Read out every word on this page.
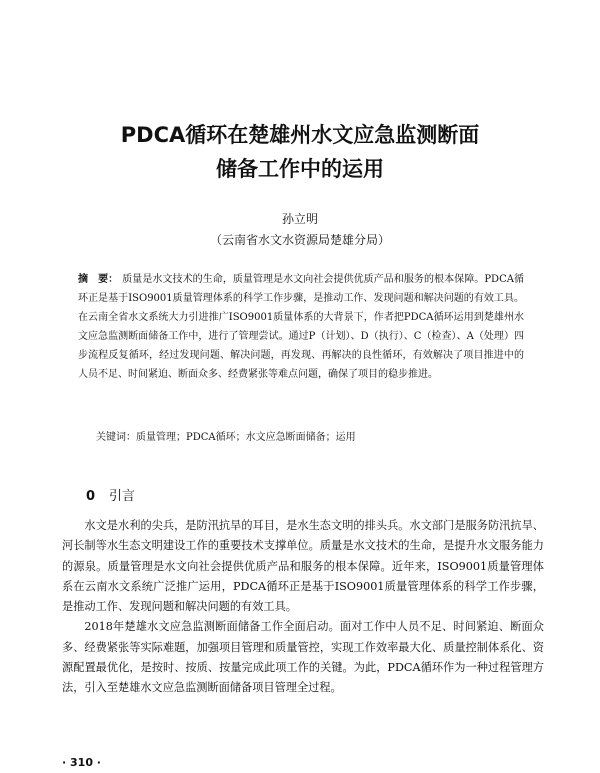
PDCA循环在楚雄州水文应急监测断面
储备工作中的运用
孙立明
（云南省水文水资源局楚雄分局）
摘　要： 质量是水文技术的生命，质量管理是水文向社会提供优质产品和服务的根本保障。PDCA循环正是基于ISO9001质量管理体系的科学工作步骤，是推动工作、发现问题和解决问题的有效工具。在云南全省水文系统大力引进推广ISO9001质量体系的大背景下，作者把PDCA循环运用到楚雄州水文应急监测断面储备工作中，进行了管理尝试。通过P（计划）、D（执行）、C（检查）、A（处理）四步流程反复循环，经过发现问题、解决问题，再发现、再解决的良性循环，有效解决了项目推进中的人员不足、时间紧迫、断面众多、经费紧张等难点问题，确保了项目的稳步推进。
关键词：质量管理；PDCA循环；水文应急断面储备；运用
0 引言

水文是水利的尖兵，是防汛抗旱的耳目，是水生态文明的排头兵。水文部门是服务防汛抗旱、河长制等水生态文明建设工作的重要技术支撑单位。质量是水文技术的生命，是提升水文服务能力的源泉。质量管理是水文向社会提供优质产品和服务的根本保障。近年来，ISO9001质量管理体系在云南水文系统广泛推广运用，PDCA循环正是基于ISO9001质量管理体系的科学工作步骤，是推动工作、发现问题和解决问题的有效工具。

2018年楚雄水文应急监测断面储备工作全面启动。面对工作中人员不足、时间紧迫、断面众多、经费紧张等实际难题，加强项目管理和质量管控，实现工作效率最大化、质量控制体系化、资源配置最优化，是按时、按质、按量完成此项工作的关键。为此，PDCA循环作为一种过程管理方法，引入至楚雄水文应急监测断面储备项目管理全过程。

· 310 ·
